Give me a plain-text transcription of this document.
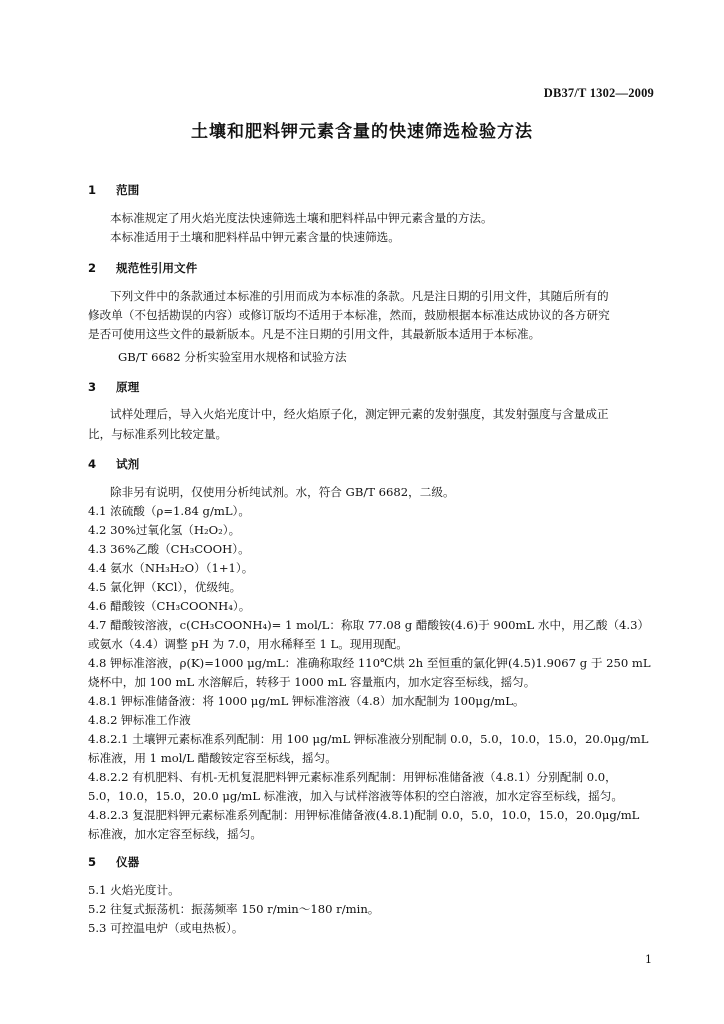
DB37/T 1302—2009
土壤和肥料钾元素含量的快速筛选检验方法
1 范围
本标准规定了用火焰光度法快速筛选土壤和肥料样品中钾元素含量的方法。
本标准适用于土壤和肥料样品中钾元素含量的快速筛选。
2 规范性引用文件
下列文件中的条款通过本标准的引用而成为本标准的条款。凡是注日期的引用文件，其随后所有的
修改单（不包括勘误的内容）或修订版均不适用于本标准，然而，鼓励根据本标准达成协议的各方研究
是否可使用这些文件的最新版本。凡是不注日期的引用文件，其最新版本适用于本标准。
GB/T 6682 分析实验室用水规格和试验方法
3 原理
试样处理后，导入火焰光度计中，经火焰原子化，测定钾元素的发射强度，其发射强度与含量成正
比，与标准系列比较定量。
4 试剂
除非另有说明，仅使用分析纯试剂。水，符合 GB/T 6682，二级。
4.1 浓硫酸（ρ=1.84 g/mL）。
4.2 30%过氧化氢（H₂O₂）。
4.3 36%乙酸（CH₃COOH）。
4.4 氨水（NH₃H₂O）（1+1）。
4.5 氯化钾（KCl），优级纯。
4.6 醋酸铵（CH₃COONH₄）。
4.7 醋酸铵溶液，c(CH₃COONH₄)= 1 mol/L：称取 77.08 g 醋酸铵(4.6)于 900mL 水中，用乙酸（4.3）
或氨水（4.4）调整 pH 为 7.0，用水稀释至 1 L。现用现配。
4.8 钾标准溶液，ρ(K)=1000 μg/mL：准确称取经 110℃烘 2h 至恒重的氯化钾(4.5)1.9067 g 于 250 mL
烧杯中，加 100 mL 水溶解后，转移于 1000 mL 容量瓶内，加水定容至标线，摇匀。
4.8.1 钾标准储备液：将 1000 μg/mL 钾标准溶液（4.8）加水配制为 100μg/mL。
4.8.2 钾标准工作液
4.8.2.1 土壤钾元素标准系列配制：用 100 μg/mL 钾标准液分别配制 0.0，5.0，10.0，15.0，20.0μg/mL
标准液，用 1 mol/L 醋酸铵定容至标线，摇匀。
4.8.2.2 有机肥料、有机-无机复混肥料钾元素标准系列配制：用钾标准储备液（4.8.1）分别配制 0.0，
5.0，10.0，15.0，20.0 μg/mL 标准液，加入与试样溶液等体积的空白溶液，加水定容至标线，摇匀。
4.8.2.3 复混肥料钾元素标准系列配制：用钾标准储备液(4.8.1)配制 0.0，5.0，10.0，15.0，20.0μg/mL
标准液，加水定容至标线，摇匀。
5 仪器
5.1 火焰光度计。
5.2 往复式振荡机：振荡频率 150 r/min～180 r/min。
5.3 可控温电炉（或电热板）。
1
